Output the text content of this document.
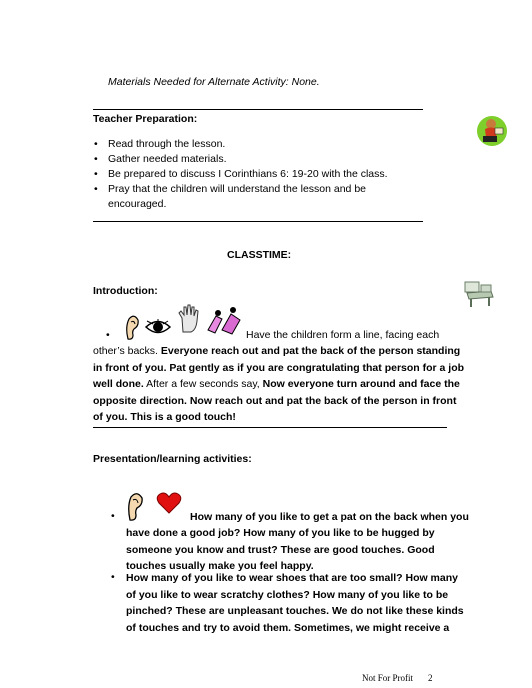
Materials Needed for Alternate Activity: None.
Teacher Preparation:
• Read through the lesson.
• Gather needed materials.
• Be prepared to discuss I Corinthians 6: 19-20 with the class.
• Pray that the children will understand the lesson and be
encouraged.
CLASSTIME:
Introduction:
•	Have the children form a line, facing each
other’s backs. Everyone reach out and pat the back of the person standing
in front of you. Pat gently as if you are congratulating that person for a job
well done. After a few seconds say, Now everyone turn around and face the
opposite direction. Now reach out and pat the back of the person in front
of you. This is a good touch!
Presentation/learning activities:
•	How many of you like to get a pat on the back when you
have done a good job? How many of you like to be hugged by
someone you know and trust? These are good touches. Good
touches usually make you feel happy.
• How many of you like to wear shoes that are too small? How many
of you like to wear scratchy clothes? How many of you like to be
pinched? These are unpleasant touches. We do not like these kinds
of touches and try to avoid them. Sometimes, we might receive a
Not For Profit 2
